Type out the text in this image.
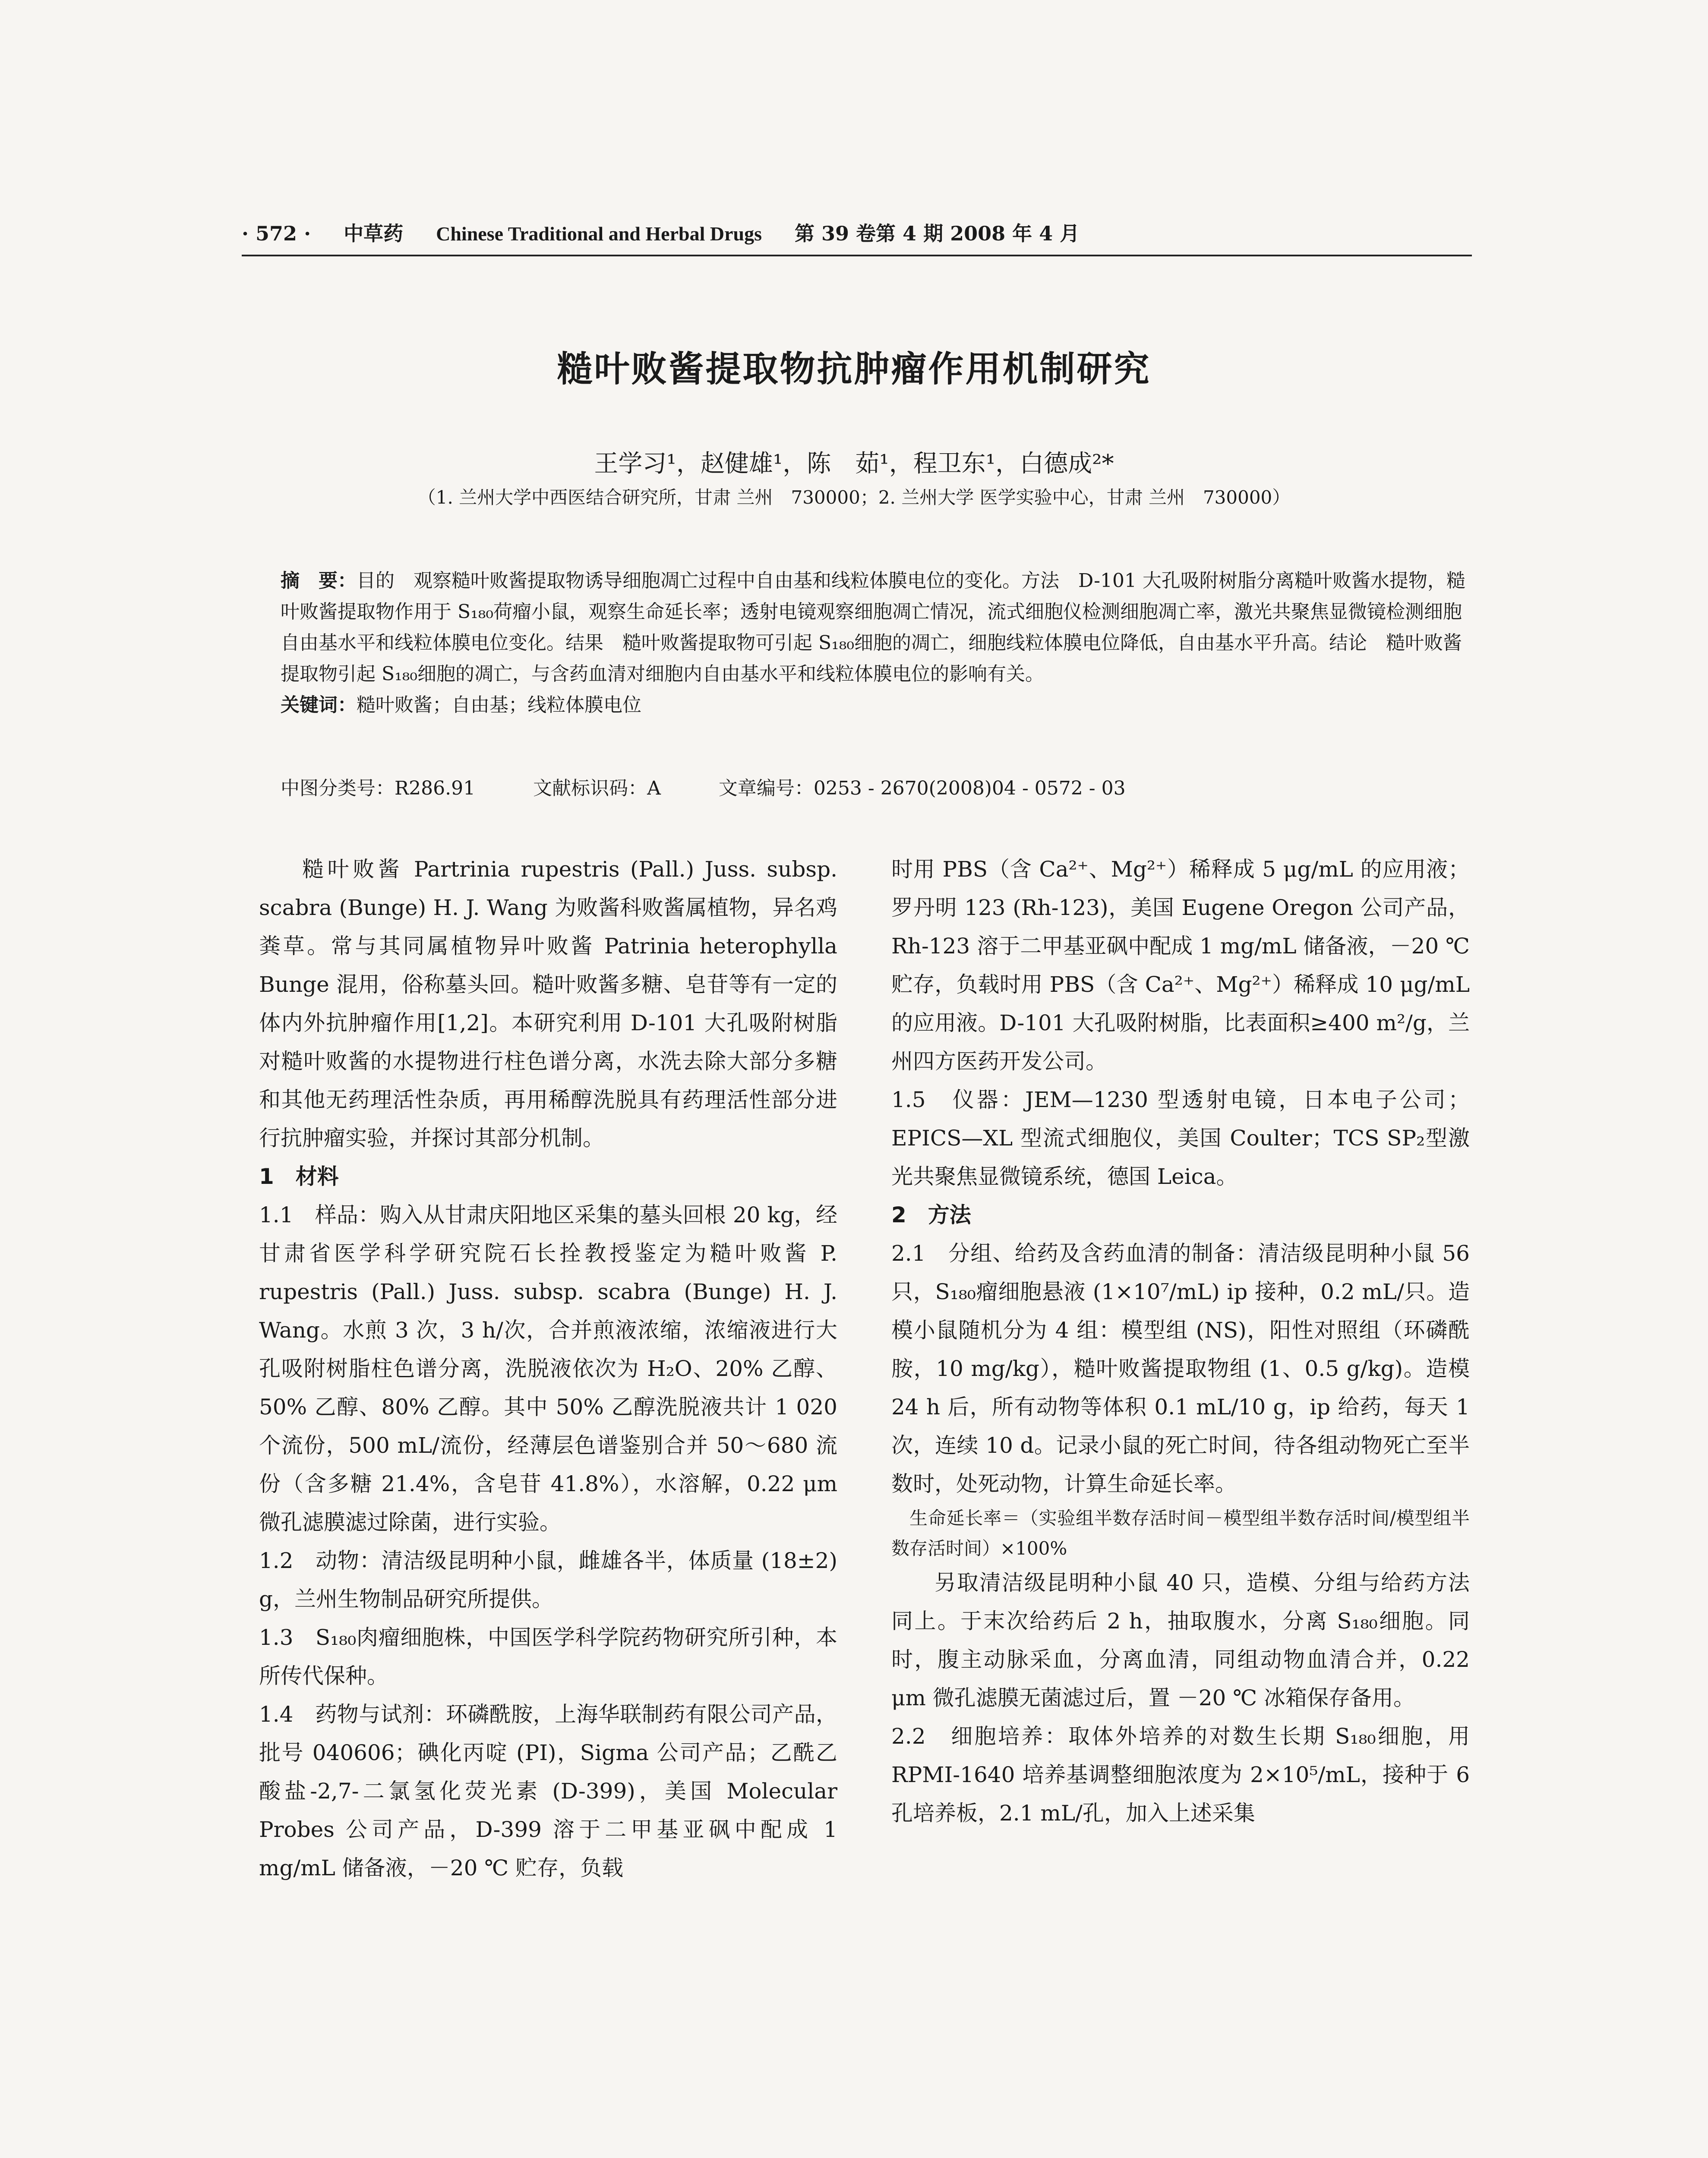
· 572 · 中草药 Chinese Traditional and Herbal Drugs 第 39 卷第 4 期 2008 年 4 月
糙叶败酱提取物抗肿瘤作用机制研究
王学习¹，赵健雄¹，陈　茹¹，程卫东¹，白德成²*
（1. 兰州大学中西医结合研究所，甘肃 兰州　730000；2. 兰州大学 医学实验中心，甘肃 兰州　730000）
摘　要：目的　观察糙叶败酱提取物诱导细胞凋亡过程中自由基和线粒体膜电位的变化。方法　D-101 大孔吸附树脂分离糙叶败酱水提物，糙叶败酱提取物作用于 S₁₈₀荷瘤小鼠，观察生命延长率；透射电镜观察细胞凋亡情况，流式细胞仪检测细胞凋亡率，激光共聚焦显微镜检测细胞自由基水平和线粒体膜电位变化。结果　糙叶败酱提取物可引起 S₁₈₀细胞的凋亡，细胞线粒体膜电位降低，自由基水平升高。结论　糙叶败酱提取物引起 S₁₈₀细胞的凋亡，与含药血清对细胞内自由基水平和线粒体膜电位的影响有关。
关键词：糙叶败酱；自由基；线粒体膜电位
中图分类号：R286.91	文献标识码：A	文章编号：0253 - 2670(2008)04 - 0572 - 03

糙叶败酱 Partrinia rupestris (Pall.) Juss. subsp. scabra (Bunge) H. J. Wang 为败酱科败酱属植物，异名鸡粪草。常与其同属植物异叶败酱 Patrinia heterophylla Bunge 混用，俗称墓头回。糙叶败酱多糖、皂苷等有一定的体内外抗肿瘤作用[1,2]。本研究利用 D-101 大孔吸附树脂对糙叶败酱的水提物进行柱色谱分离，水洗去除大部分多糖和其他无药理活性杂质，再用稀醇洗脱具有药理活性部分进行抗肿瘤实验，并探讨其部分机制。

1　材料

1.1　样品：购入从甘肃庆阳地区采集的墓头回根 20 kg，经甘肃省医学科学研究院石长拴教授鉴定为糙叶败酱 P. rupestris (Pall.) Juss. subsp. scabra (Bunge) H. J. Wang。水煎 3 次，3 h/次，合并煎液浓缩，浓缩液进行大孔吸附树脂柱色谱分离，洗脱液依次为 H₂O、20% 乙醇、50% 乙醇、80% 乙醇。其中 50% 乙醇洗脱液共计 1 020 个流份，500 mL/流份，经薄层色谱鉴别合并 50～680 流份（含多糖 21.4%，含皂苷 41.8%），水溶解，0.22 μm 微孔滤膜滤过除菌，进行实验。

1.2　动物：清洁级昆明种小鼠，雌雄各半，体质量 (18±2) g，兰州生物制品研究所提供。

1.3　S₁₈₀肉瘤细胞株，中国医学科学院药物研究所引种，本所传代保种。

1.4　药物与试剂：环磷酰胺，上海华联制药有限公司产品，批号 040606；碘化丙啶 (PI)，Sigma 公司产品；乙酰乙酸盐-2,7-二氯氢化荧光素 (D-399)，美国 Molecular Probes 公司产品，D-399 溶于二甲基亚砜中配成 1 mg/mL 储备液，－20 ℃ 贮存，负载

时用 PBS（含 Ca²⁺、Mg²⁺）稀释成 5 μg/mL 的应用液；罗丹明 123 (Rh-123)，美国 Eugene Oregon 公司产品，Rh-123 溶于二甲基亚砜中配成 1 mg/mL 储备液，－20 ℃ 贮存，负载时用 PBS（含 Ca²⁺、Mg²⁺）稀释成 10 μg/mL 的应用液。D-101 大孔吸附树脂，比表面积≥400 m²/g，兰州四方医药开发公司。

1.5　仪器：JEM—1230 型透射电镜，日本电子公司；EPICS—XL 型流式细胞仪，美国 Coulter；TCS SP₂型激光共聚焦显微镜系统，德国 Leica。

2　方法

2.1　分组、给药及含药血清的制备：清洁级昆明种小鼠 56 只，S₁₈₀瘤细胞悬液 (1×10⁷/mL) ip 接种，0.2 mL/只。造模小鼠随机分为 4 组：模型组 (NS)，阳性对照组（环磷酰胺，10 mg/kg），糙叶败酱提取物组 (1、0.5 g/kg)。造模 24 h 后，所有动物等体积 0.1 mL/10 g，ip 给药，每天 1 次，连续 10 d。记录小鼠的死亡时间，待各组动物死亡至半数时，处死动物，计算生命延长率。

生命延长率＝（实验组半数存活时间－模型组半数存活时间/模型组半数存活时间）×100%

另取清洁级昆明种小鼠 40 只，造模、分组与给药方法同上。于末次给药后 2 h，抽取腹水，分离 S₁₈₀细胞。同时，腹主动脉采血，分离血清，同组动物血清合并，0.22 μm 微孔滤膜无菌滤过后，置 －20 ℃ 冰箱保存备用。

2.2　细胞培养：取体外培养的对数生长期 S₁₈₀细胞，用 RPMI-1640 培养基调整细胞浓度为 2×10⁵/mL，接种于 6 孔培养板，2.1 mL/孔，加入上述采集
